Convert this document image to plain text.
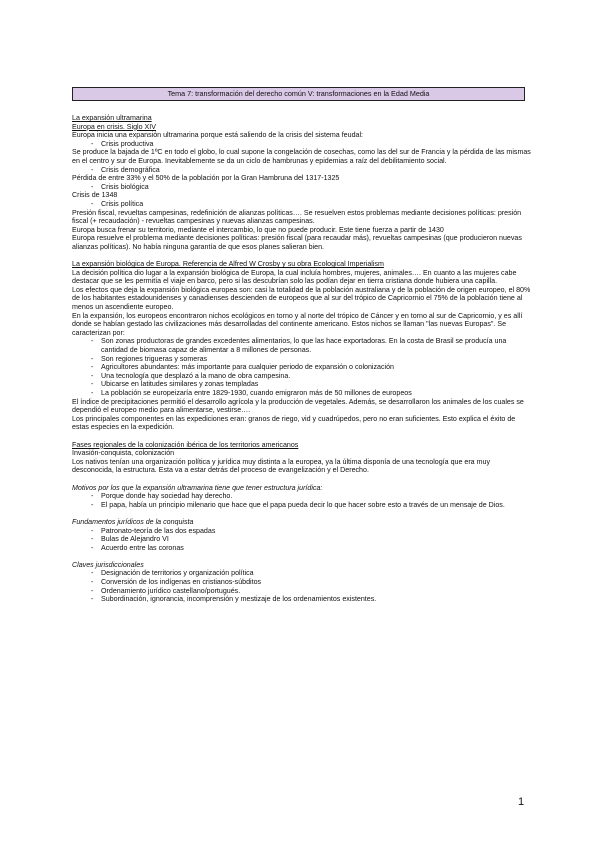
Tema 7: transformación del derecho común V: transformaciones en la Edad Media

La expansión ultramarina

Europa en crisis. Siglo XIV

Europa inicia una expansión ultramarina porque está saliendo de la crisis del sistema feudal:

- Crisis productiva

Se produce la bajada de 1ºC en todo el globo, lo cual supone la congelación de cosechas, como las del sur de Francia y la pérdida de las mismas en el centro y sur de Europa. Inevitablemente se da un ciclo de hambrunas y epidemias a raíz del debilitamiento social.

- Crisis demográfica

Pérdida de entre 33% y el 50% de la población por la Gran Hambruna del 1317-1325

- Crisis biológica

Crisis de 1348

- Crisis política

Presión fiscal, revueltas campesinas, redefinición de alianzas políticas…. Se resuelven estos problemas mediante decisiones políticas: presión fiscal (+ recaudación) - revueltas campesinas y nuevas alianzas campesinas.

Europa busca frenar su territorio, mediante el intercambio, lo que no puede producir. Este tiene fuerza a partir de 1430

Europa resuelve el problema mediante decisiones políticas: presión fiscal (para recaudar más), revueltas campesinas (que producieron nuevas alianzas políticas). No había ninguna garantía de que esos planes salieran bien.

La expansión biológica de Europa. Referencia de Alfred W Crosby y su obra Ecological Imperialism

La decisión política dio lugar a la expansión biológica de Europa, la cual incluía hombres, mujeres, animales…. En cuanto a las mujeres cabe destacar que se les permitía el viaje en barco, pero si las descubrían solo las podían dejar en tierra cristiana donde hubiera una capilla.

Los efectos que deja la expansión biológica europea son: casi la totalidad de la población australiana y de la población de origen europeo, el 80% de los habitantes estadounidenses y canadienses descienden de europeos que al sur del trópico de Capricornio el 75% de la población tiene al menos un ascendiente europeo.

En la expansión, los europeos encontraron nichos ecológicos en torno y al norte del trópico de Cáncer y en torno al sur de Capricornio, y es allí donde se habían gestado las civilizaciones más desarrolladas del continente americano. Estos nichos se llaman "las nuevas Europas". Se caracterizan por:

- Son zonas productoras de grandes excedentes alimentarios, lo que las hace exportadoras. En la costa de Brasil se producía una cantidad de biomasa capaz de alimentar a 8 millones de personas.
- Son regiones trigueras y someras
- Agricultores abundantes: más importante para cualquier periodo de expansión o colonización
- Una tecnología que desplazó a la mano de obra campesina.
- Ubicarse en latitudes similares y zonas templadas
- La población se europeizaría entre 1829-1930, cuando emigraron más de 50 millones de europeos

El índice de precipitaciones permitió el desarrollo agrícola y la producción de vegetales. Además, se desarrollaron los animales de los cuales se dependió el europeo medio para alimentarse, vestirse….

Los principales componentes en las expediciones eran: granos de riego, vid y cuadrúpedos, pero no eran suficientes. Esto explica el éxito de estas especies en la expedición.

Fases regionales de la colonización ibérica de los territorios americanos

Invasión-conquista, colonización

Los nativos tenían una organización política y jurídica muy distinta a la europea, ya la última disponía de una tecnología que era muy desconocida, la estructura. Esta va a estar detrás del proceso de evangelización y el Derecho.

Motivos por los que la expansión ultramarina tiene que tener estructura jurídica:

- Porque donde hay sociedad hay derecho.
- El papa, había un principio milenario que hace que el papa pueda decir lo que hacer sobre esto a través de un mensaje de Dios.

Fundamentos jurídicos de la conquista

- Patronato-teoría de las dos espadas
- Bulas de Alejandro VI
- Acuerdo entre las coronas

Claves jurisdiccionales

- Designación de territorios y organización política
- Conversión de los indígenas en cristianos-súbditos
- Ordenamiento jurídico castellano/portugués.
- Subordinación, ignorancia, incomprensión y mestizaje de los ordenamientos existentes.
1
